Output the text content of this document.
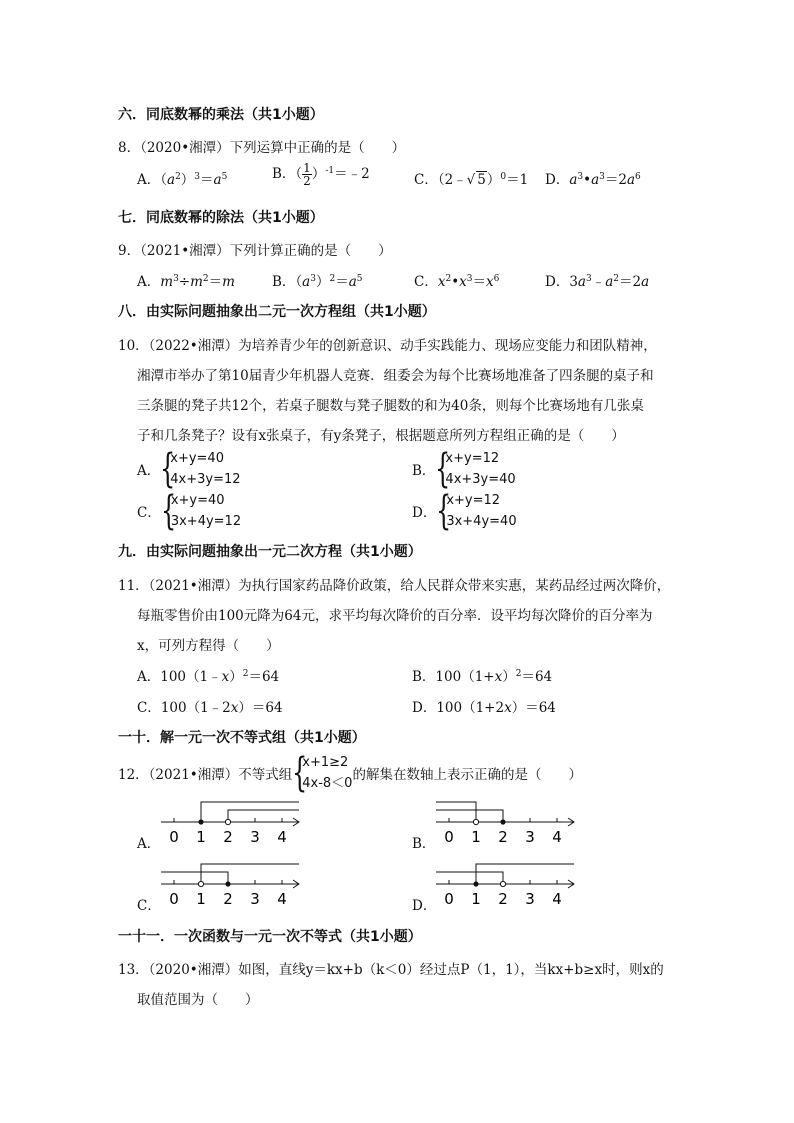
六．同底数幂的乘法（共1小题）
8．（2020•湘潭）下列运算中正确的是（　　）
A．$(a^2)^3=a^5$	B．（ $\frac{1}{2}$ ）$^{-1}$＝﹣2	C．（2﹣√ 5）$^0$＝1 D．$a^3•a^3=2a^6$
七．同底数幂的除法（共1小题）
9．（2021•湘潭）下列计算正确的是（　　）
A．$m^3\div m^2=m$	B．$(a^3)^2=a^5$	C．$x^2•x^3=x^6$	D．$3a^3﹣a^2=2a$
八．由实际问题抽象出二元一次方程组（共1小题）
10．（2022•湘潭）为培养青少年的创新意识、动手实践能力、现场应变能力和团队精神，
湘潭市举办了第10届青少年机器人竞赛．组委会为每个比赛场地准备了四条腿的桌子和
三条腿的凳子共12个，若桌子腿数与凳子腿数的和为40条，则每个比赛场地有几张桌
子和几条凳子？设有x张桌子，有y条凳子，根据题意所列方程组正确的是（　　）
A． {
x+y=40
4x+3y=12
B． {
x+y=12
4x+3y=40
C． {
x+y=40
3x+4y=12
D． {
x+y=12
3x+4y=40
九．由实际问题抽象出一元二次方程（共1小题）
11．（2021•湘潭）为执行国家药品降价政策，给人民群众带来实惠，某药品经过两次降价，
每瓶零售价由100元降为64元，求平均每次降价的百分率．设平均每次降价的百分率为
x，可列方程得（　　）
A．100（1﹣x）$^2$＝64	B．$100(1+x)^2=64$
C．100（1﹣2x）＝64	D．100（1+2x）＝64
一十．解一元一次不等式组（共1小题）
12．（2021•湘潭）不等式组 {
x+1≥2
4x-8＜0
的解集在数轴上表示正确的是（　　）
A．	B．
C．	D．
0 1 2 3 4	0 1 2 3 4
0 1 2 3 4	0 1 2 3 4
一十一．一次函数与一元一次不等式（共1小题）
13．（2020•湘潭）如图，直线y＝kx+b（k＜0）经过点P（1，1），当kx+b≥x时，则x的
取值范围为（　　）
